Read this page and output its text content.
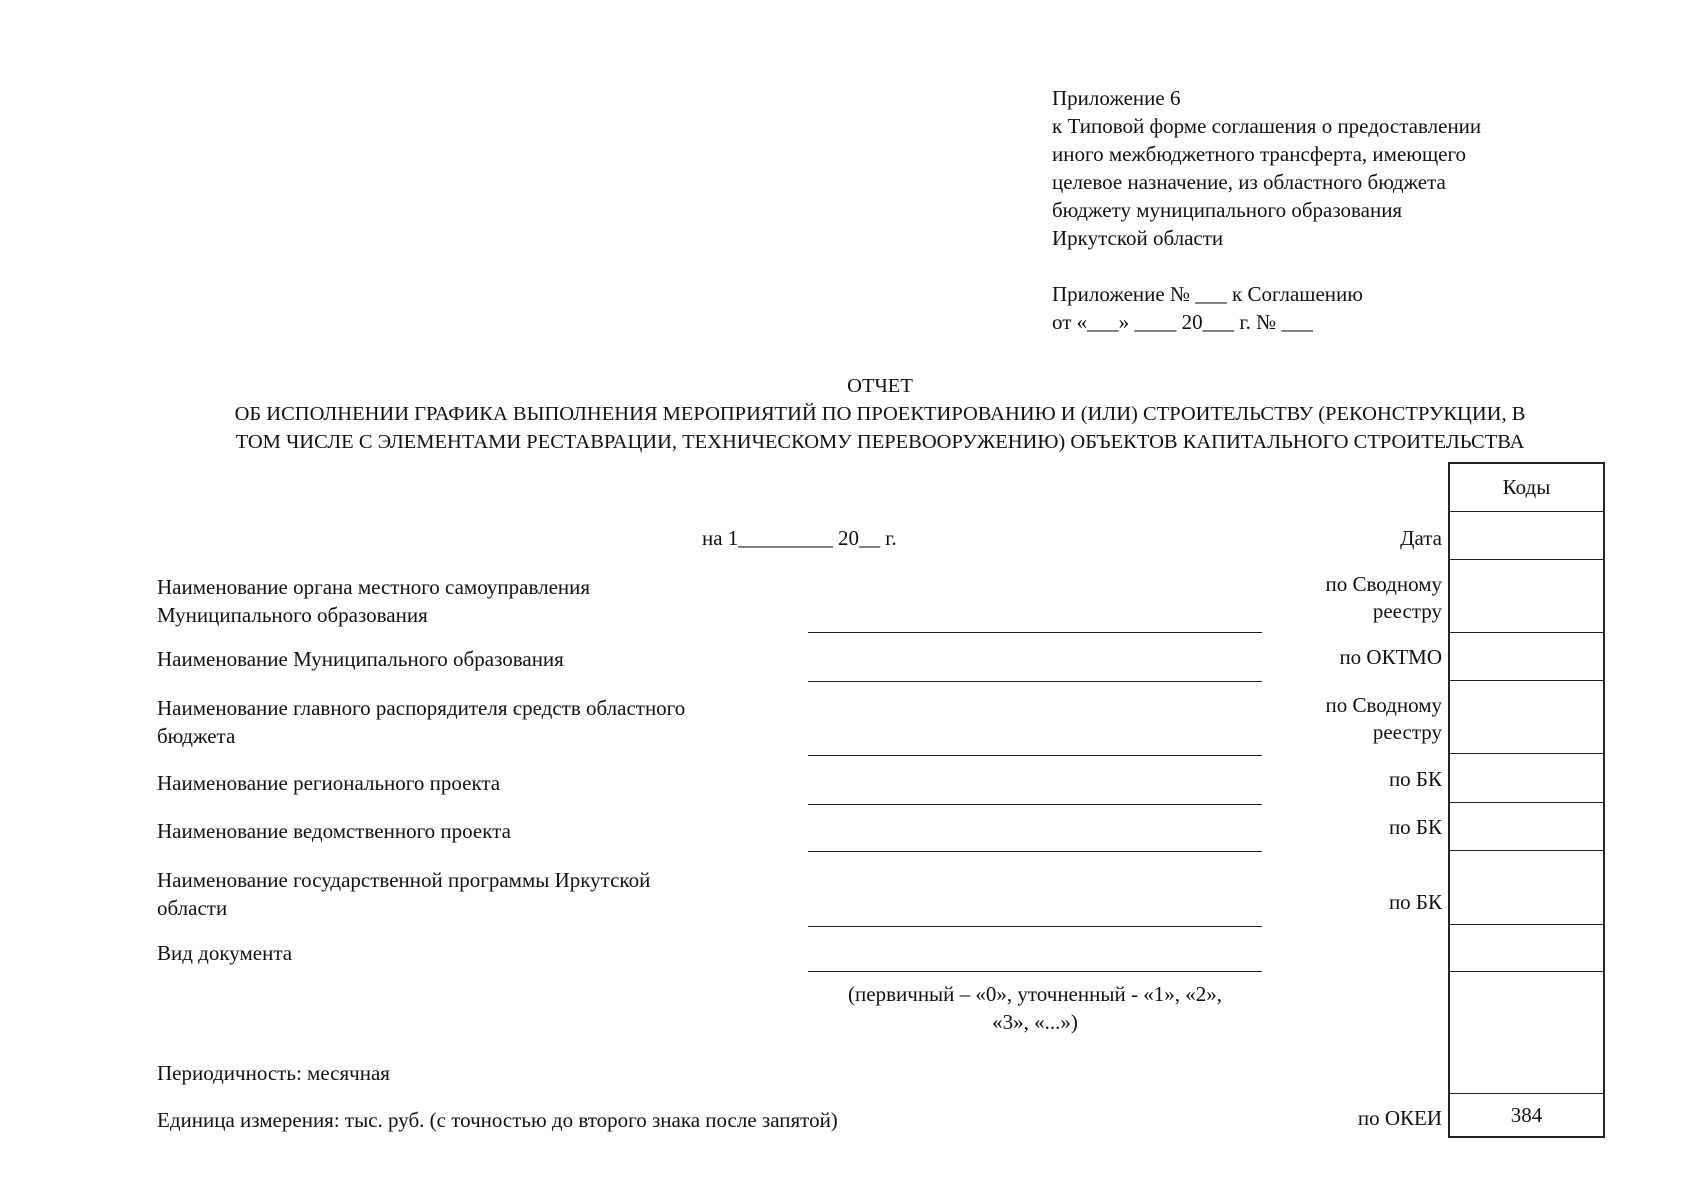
Приложение 6
к Типовой форме соглашения о предоставлении
иного межбюджетного трансферта, имеющего
целевое назначение, из областного бюджета
бюджету муниципального образования
Иркутской области
Приложение № ___ к Соглашению
от «___» ____ 20___ г. № ___
ОТЧЕТ
ОБ ИСПОЛНЕНИИ ГРАФИКА ВЫПОЛНЕНИЯ МЕРОПРИЯТИЙ ПО ПРОЕКТИРОВАНИЮ И (ИЛИ) СТРОИТЕЛЬСТВУ (РЕКОНСТРУКЦИИ, В
ТОМ ЧИСЛЕ С ЭЛЕМЕНТАМИ РЕСТАВРАЦИИ, ТЕХНИЧЕСКОМУ ПЕРЕВООРУЖЕНИЮ) ОБЪЕКТОВ КАПИТАЛЬНОГО СТРОИТЕЛЬСТВА
на 1_________ 20__ г.
Наименование органа местного самоуправления
Муниципального образования
Наименование Муниципального образования
Наименование главного распорядителя средств областного
бюджета
Наименование регионального проекта
Наименование ведомственного проекта
Наименование государственной программы Иркутской
области
Вид документа
(первичный – «0», уточненный - «1», «2»,
«3», «...»)
Периодичность: месячная
Единица измерения: тыс. руб. (с точностью до второго знака после запятой)
Дата
по Сводному
реестру
по ОКТМО
по Сводному
реестру
по БК
по БК
по БК
по ОКЕИ
Коды
384
